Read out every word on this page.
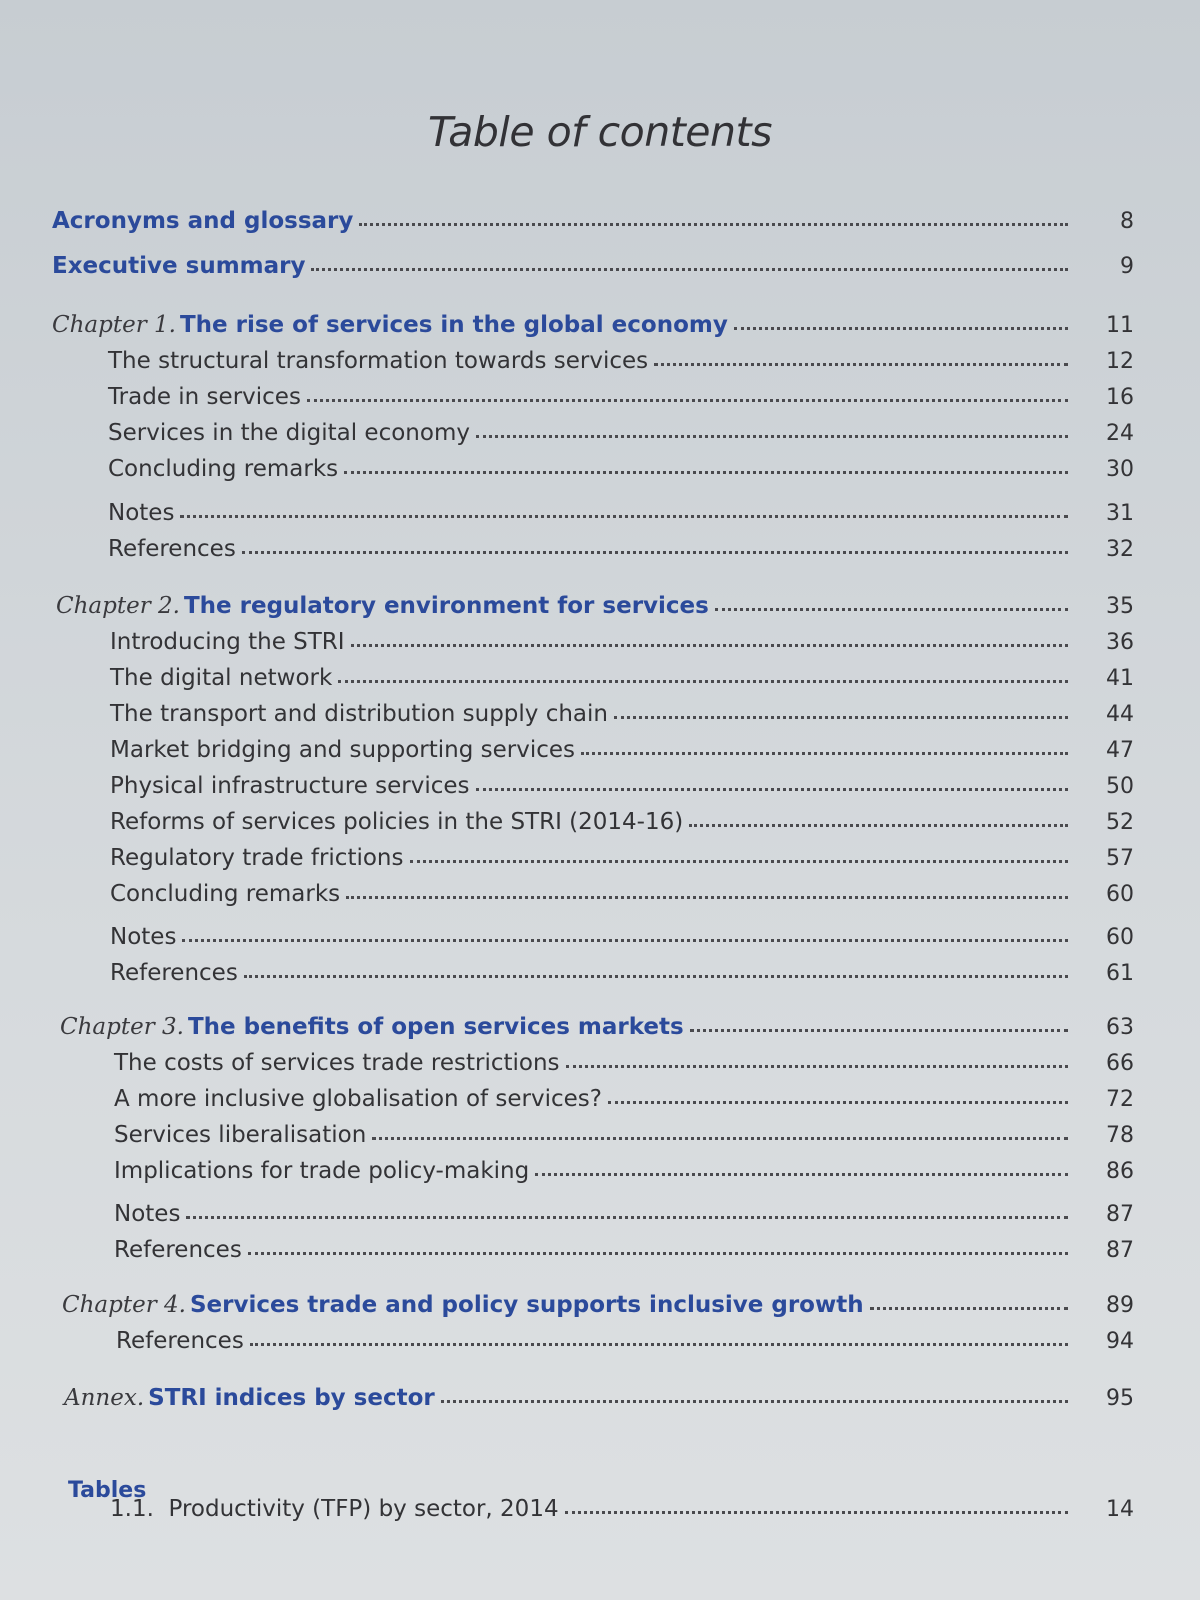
Table of contents
Acronyms and glossary	8
Executive summary	9
Chapter 1. The rise of services in the global economy	11
The structural transformation towards services	12
Trade in services	16
Services in the digital economy	24
Concluding remarks	30
Notes	31
References	32
Chapter 2. The regulatory environment for services	35
Introducing the STRI	36
The digital network	41
The transport and distribution supply chain	44
Market bridging and supporting services	47
Physical infrastructure services	50
Reforms of services policies in the STRI (2014-16)	52
Regulatory trade frictions	57
Concluding remarks	60
Notes	60
References	61
Chapter 3. The benefits of open services markets	63
The costs of services trade restrictions	66
A more inclusive globalisation of services?	72
Services liberalisation	78
Implications for trade policy-making	86
Notes	87
References	87
Chapter 4. Services trade and policy supports inclusive growth	89
References	94
Annex. STRI indices by sector	95
Tables
1.1. Productivity (TFP) by sector, 2014	14
